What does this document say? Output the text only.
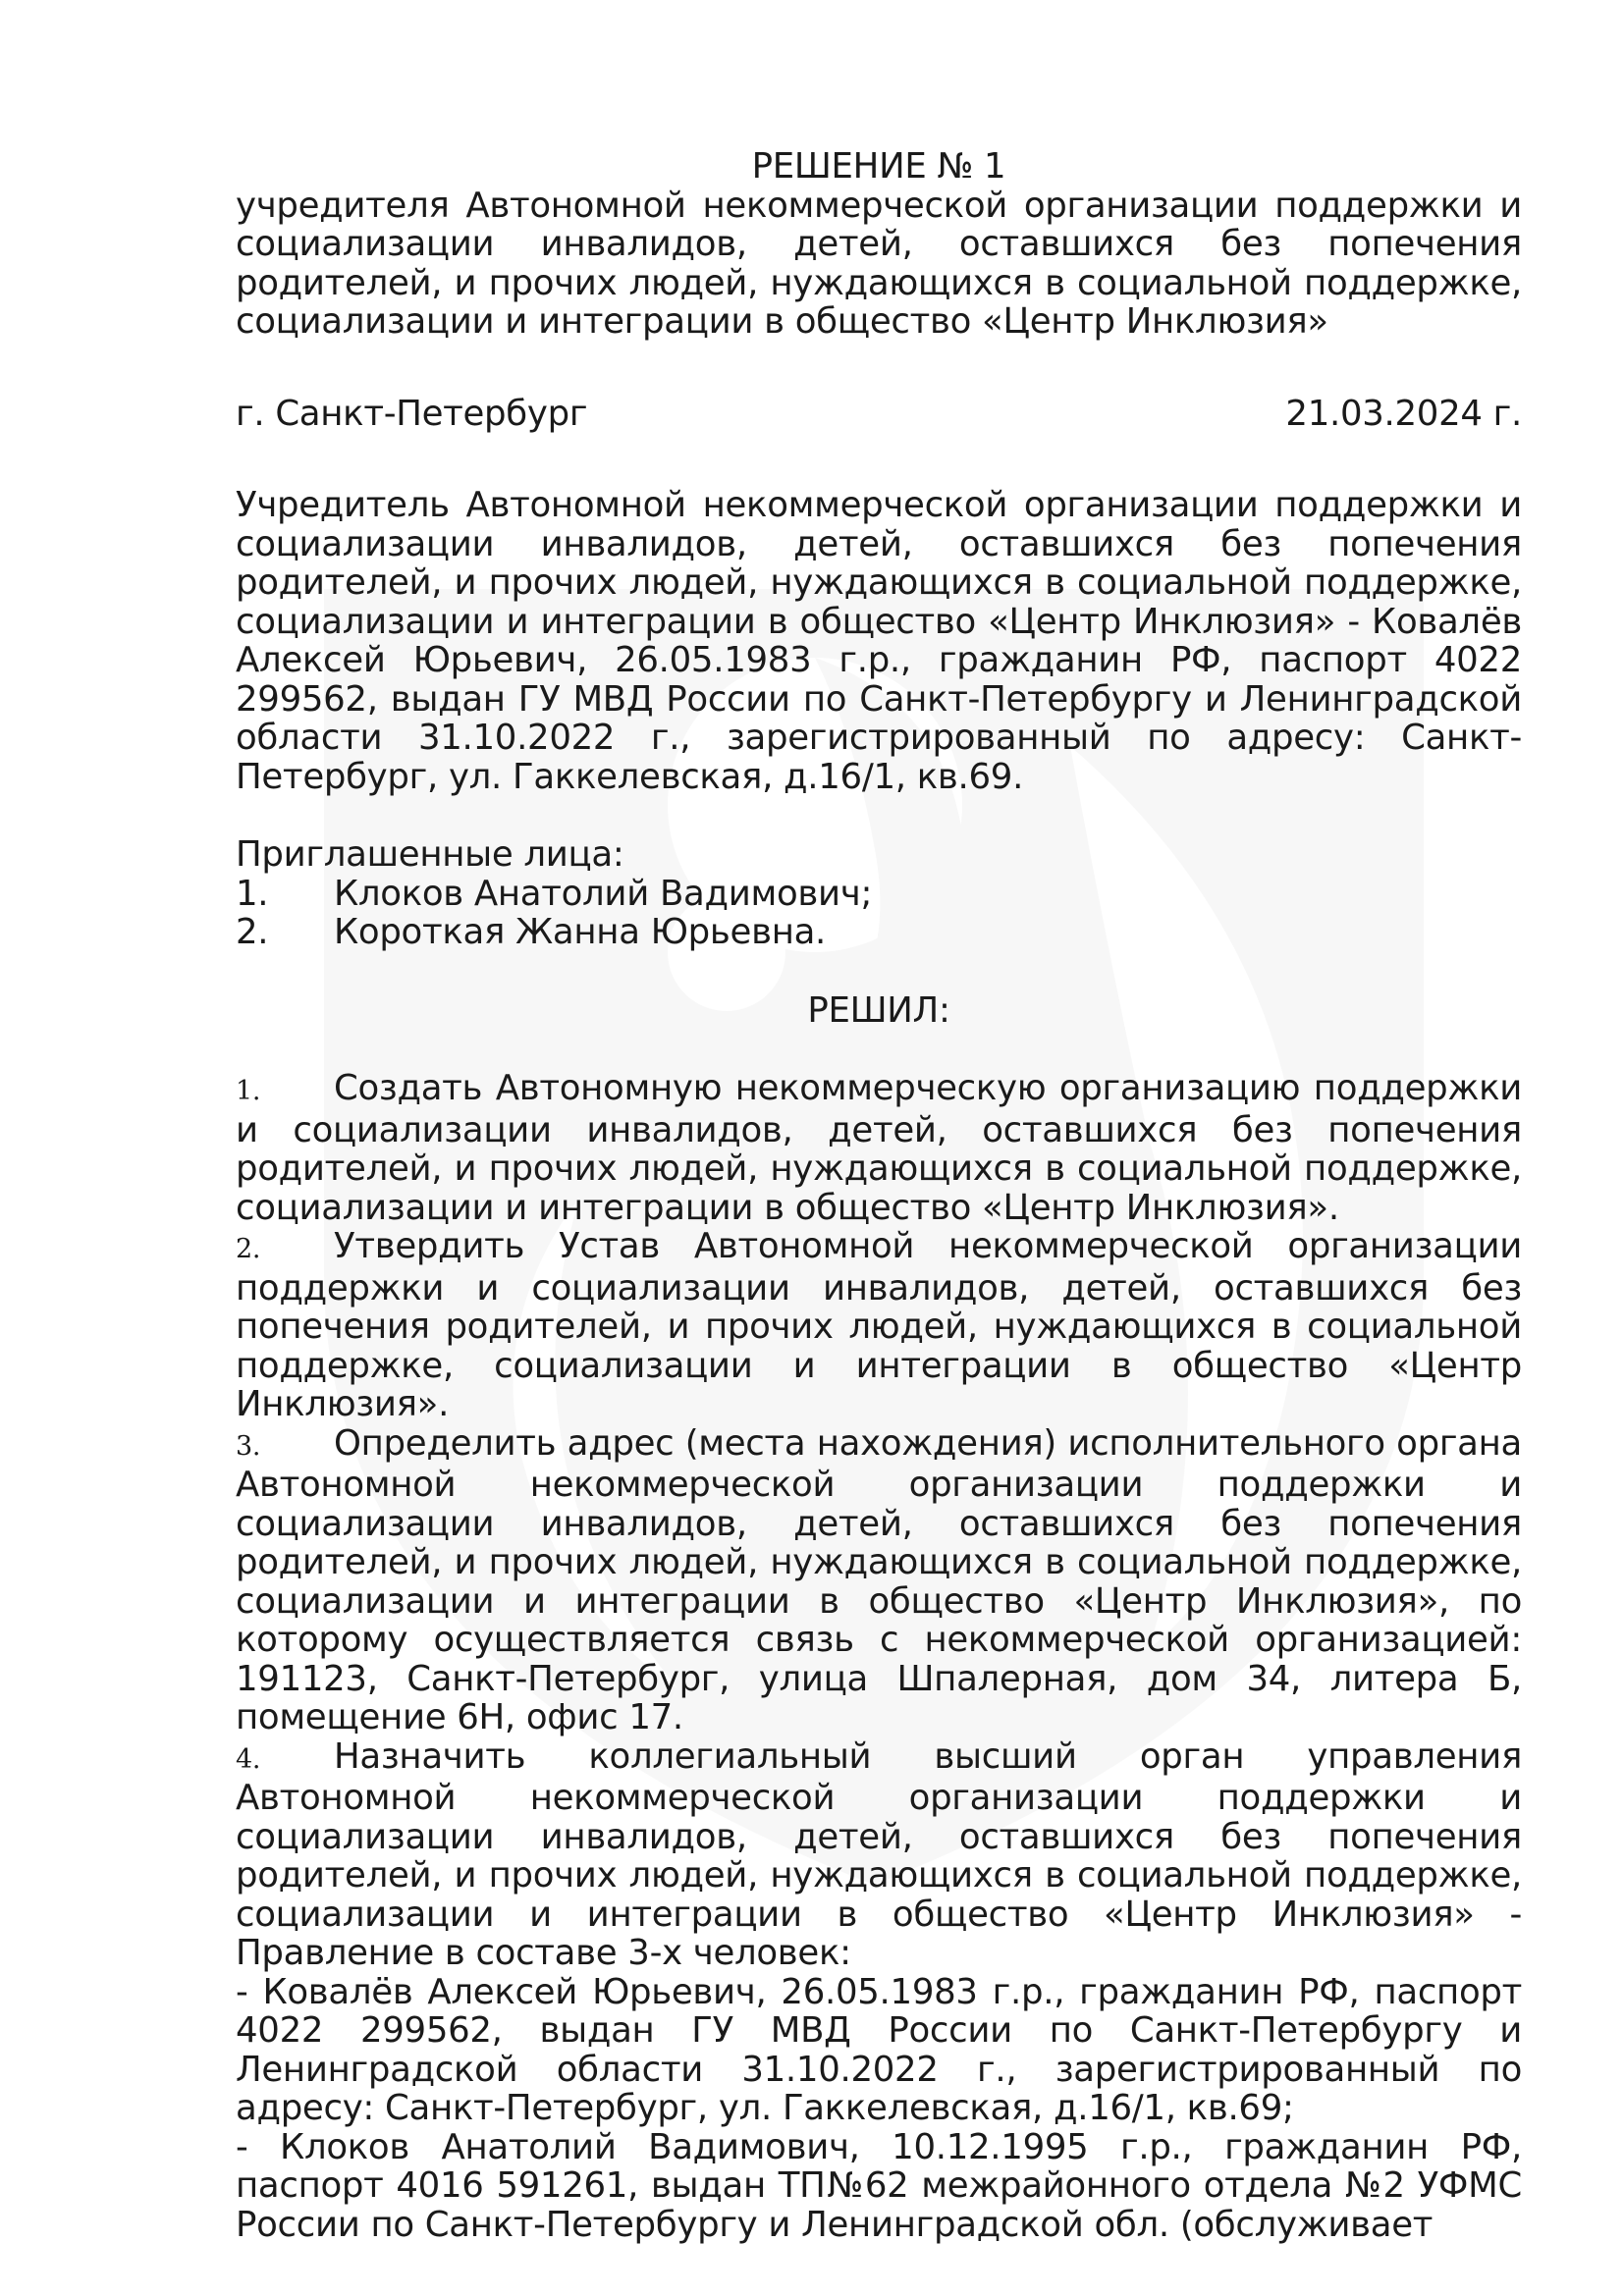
РЕШЕНИЕ № 1
учредителя Автономной некоммерческой организации поддержки и социализации инвалидов, детей, оставшихся без попечения родителей, и прочих людей, нуждающихся в социальной поддержке, социализации и интеграции в общество «Центр Инклюзия»
г. Санкт-Петербург	21.03.2024 г.
Учредитель Автономной некоммерческой организации поддержки и социализации инвалидов, детей, оставшихся без попечения родителей, и прочих людей, нуждающихся в социальной поддержке, социализации и интеграции в общество «Центр Инклюзия» - Ковалёв Алексей Юрьевич, 26.05.1983 г.р., гражданин РФ, паспорт 4022 299562, выдан ГУ МВД России по Санкт-Петербургу и Ленинградской области 31.10.2022 г., зарегистрированный по адресу: Санкт-Петербург, ул. Гаккелевская, д.16/1, кв.69.
Приглашенные лица:
1.	Клоков Анатолий Вадимович;
2.	Короткая Жанна Юрьевна.
РЕШИЛ:
1. Создать Автономную некоммерческую организацию поддержки и социализации инвалидов, детей, оставшихся без попечения родителей, и прочих людей, нуждающихся в социальной поддержке, социализации и интеграции в общество «Центр Инклюзия».
2. Утвердить Устав Автономной некоммерческой организации поддержки и социализации инвалидов, детей, оставшихся без попечения родителей, и прочих людей, нуждающихся в социальной поддержке, социализации и интеграции в общество «Центр Инклюзия».
3. Определить адрес (места нахождения) исполнительного органа Автономной некоммерческой организации поддержки и социализации инвалидов, детей, оставшихся без попечения родителей, и прочих людей, нуждающихся в социальной поддержке, социализации и интеграции в общество «Центр Инклюзия», по которому осуществляется связь с некоммерческой организацией: 191123, Санкт-Петербург, улица Шпалерная, дом 34, литера Б, помещение 6Н, офис 17.
4. Назначить коллегиальный высший орган управления Автономной некоммерческой организации поддержки и социализации инвалидов, детей, оставшихся без попечения родителей, и прочих людей, нуждающихся в социальной поддержке, социализации и интеграции в общество «Центр Инклюзия» - Правление в составе 3-х человек:
- Ковалёв Алексей Юрьевич, 26.05.1983 г.р., гражданин РФ, паспорт 4022 299562, выдан ГУ МВД России по Санкт-Петербургу и Ленинградской области 31.10.2022 г., зарегистрированный по адресу: Санкт-Петербург, ул. Гаккелевская, д.16/1, кв.69;
- Клоков Анатолий Вадимович, 10.12.1995 г.р., гражданин РФ, паспорт 4016 591261, выдан ТП№62 межрайонного отдела №2 УФМС России по Санкт-Петербургу и Ленинградской обл. (обслуживает
